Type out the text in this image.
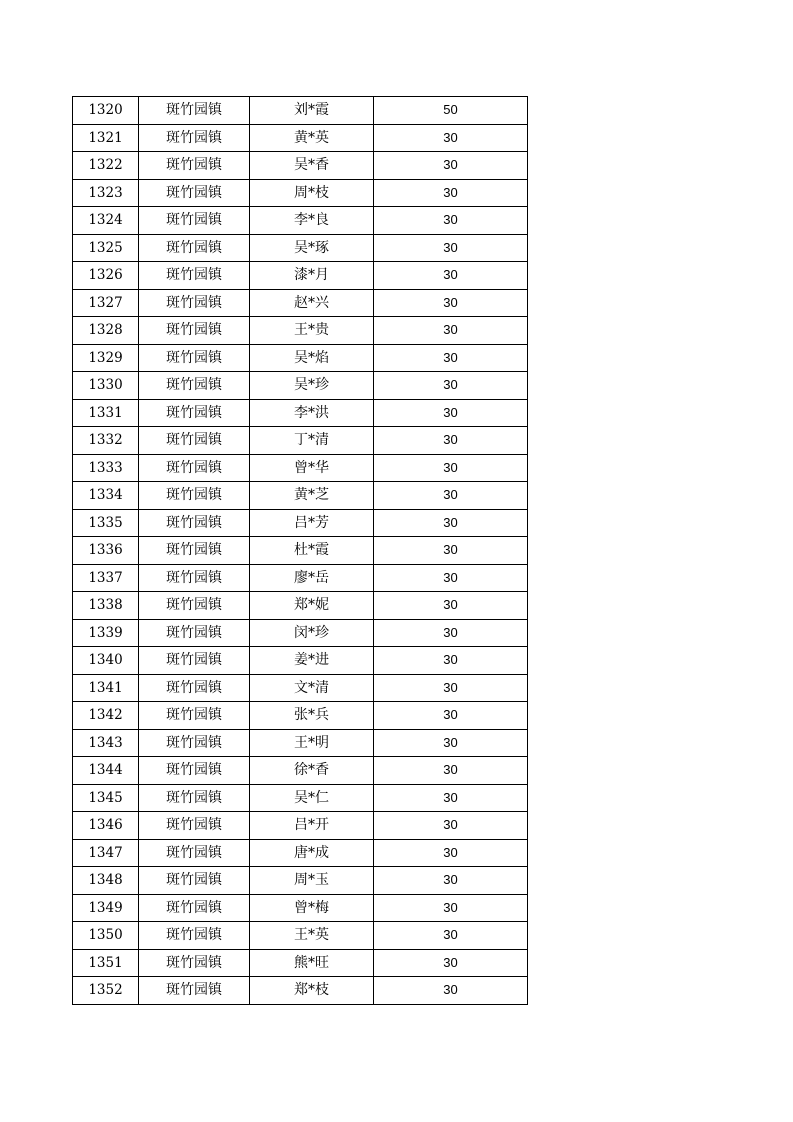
1320	斑竹园镇	刘*霞	50
1321	斑竹园镇	黄*英	30
1322	斑竹园镇	吴*香	30
1323	斑竹园镇	周*枝	30
1324	斑竹园镇	李*良	30
1325	斑竹园镇	吴*琢	30
1326	斑竹园镇	漆*月	30
1327	斑竹园镇	赵*兴	30
1328	斑竹园镇	王*贵	30
1329	斑竹园镇	吴*焰	30
1330	斑竹园镇	吴*珍	30
1331	斑竹园镇	李*洪	30
1332	斑竹园镇	丁*清	30
1333	斑竹园镇	曾*华	30
1334	斑竹园镇	黄*芝	30
1335	斑竹园镇	吕*芳	30
1336	斑竹园镇	杜*霞	30
1337	斑竹园镇	廖*岳	30
1338	斑竹园镇	郑*妮	30
1339	斑竹园镇	闵*珍	30
1340	斑竹园镇	姜*进	30
1341	斑竹园镇	文*清	30
1342	斑竹园镇	张*兵	30
1343	斑竹园镇	王*明	30
1344	斑竹园镇	徐*香	30
1345	斑竹园镇	吴*仁	30
1346	斑竹园镇	吕*开	30
1347	斑竹园镇	唐*成	30
1348	斑竹园镇	周*玉	30
1349	斑竹园镇	曾*梅	30
1350	斑竹园镇	王*英	30
1351	斑竹园镇	熊*旺	30
1352	斑竹园镇	郑*枝	30
